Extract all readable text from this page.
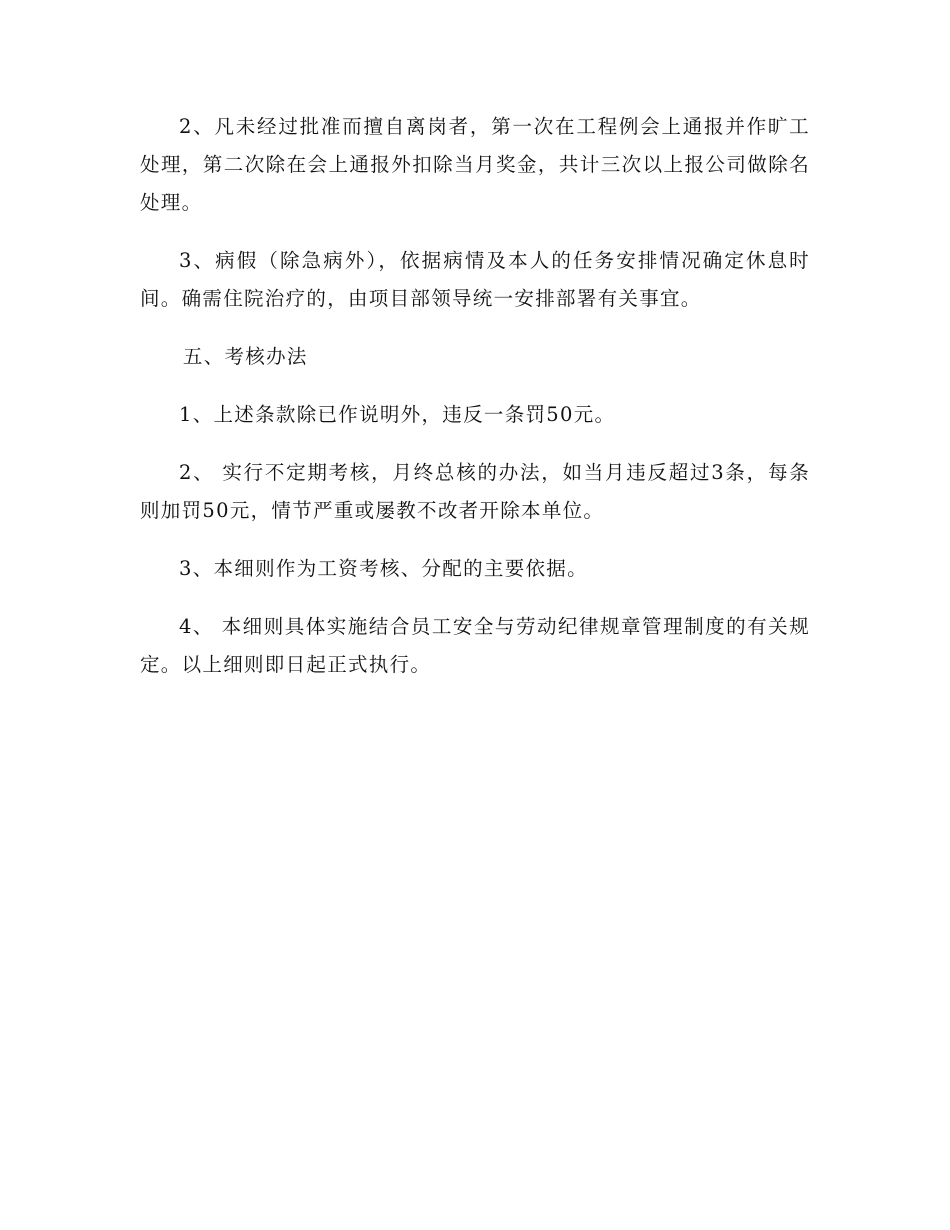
2、凡未经过批准而擅自离岗者，第一次在工程例会上通报并作旷工处理，第二次除在会上通报外扣除当月奖金，共计三次以上报公司做除名处理。

3、病假（除急病外），依据病情及本人的任务安排情况确定休息时间。确需住院治疗的，由项目部领导统一安排部署有关事宜。

五、考核办法

1、上述条款除已作说明外，违反一条罚50元。

2、 实行不定期考核，月终总核的办法，如当月违反超过3条，每条则加罚50元，情节严重或屡教不改者开除本单位。

3、本细则作为工资考核、分配的主要依据。

4、 本细则具体实施结合员工安全与劳动纪律规章管理制度的有关规定。以上细则即日起正式执行。
